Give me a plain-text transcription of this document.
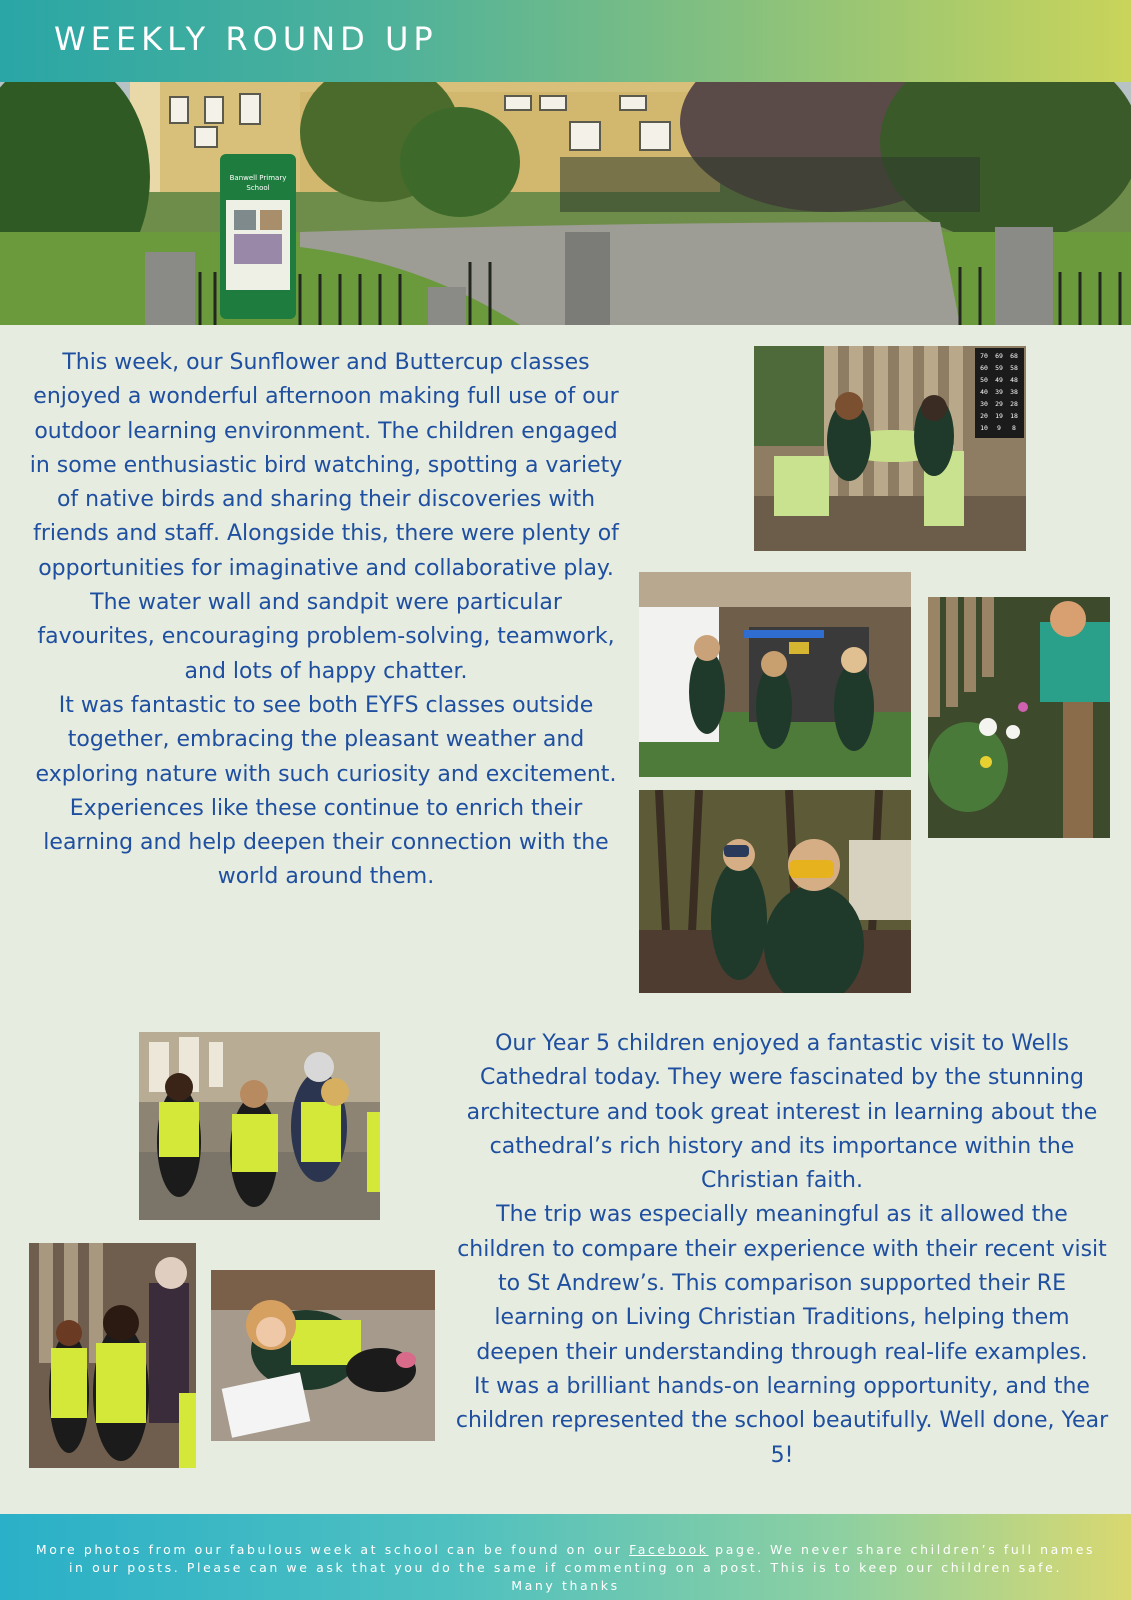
WEEKLY ROUND UP
Banwell Primary
School

This week, our Sunflower and Buttercup classes enjoyed a wonderful afternoon making full use of our outdoor learning environment. The children engaged in some enthusiastic bird watching, spotting a variety of native birds and sharing their discoveries with friends and staff. Alongside this, there were plenty of opportunities for imaginative and collaborative play. The water wall and sandpit were particular favourites, encouraging problem-solving, teamwork, and lots of happy chatter.

It was fantastic to see both EYFS classes outside together, embracing the pleasant weather and exploring nature with such curiosity and excitement. Experiences like these continue to enrich their learning and help deepen their connection with the world around them.

70 69 68
60 59 58
50 49 48
40 39 38
30 29 28
20 19 18
10 9 8

Our Year 5 children enjoyed a fantastic visit to Wells Cathedral today. They were fascinated by the stunning architecture and took great interest in learning about the cathedral’s rich history and its importance within the Christian faith.

The trip was especially meaningful as it allowed the children to compare their experience with their recent visit to St Andrew’s. This comparison supported their RE learning on Living Christian Traditions, helping them deepen their understanding through real-life examples.

It was a brilliant hands-on learning opportunity, and the children represented the school beautifully. Well done, Year 5!

More photos from our fabulous week at school can be found on our Facebook page. We never share children’s full names
in our posts. Please can we ask that you do the same if commenting on a post. This is to keep our children safe.
Many thanks
